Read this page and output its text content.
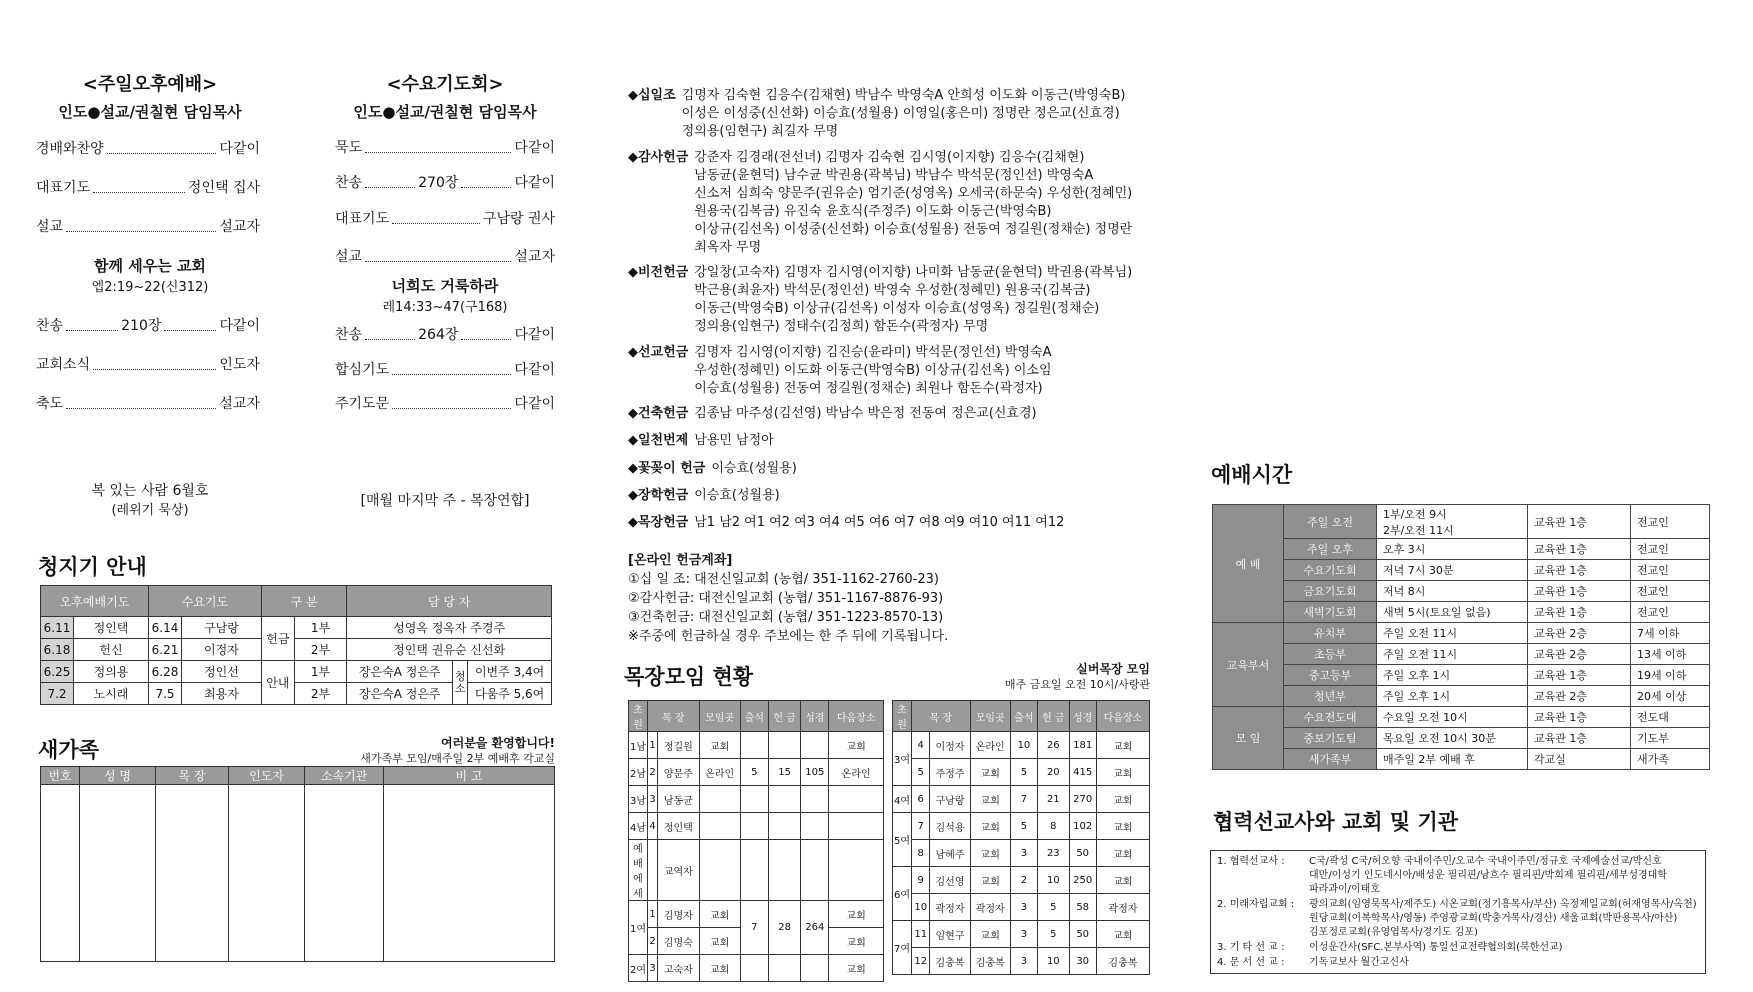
<주일오후예배>
인도●설교/권칠현 담임목사
경배와찬양	다같이
대표기도	정인택 집사
설교	설교자
함께 세우는 교회
엡2:19~22(신312)
찬송	210장	다같이
교회소식	인도자
축도	설교자
복 있는 사람 6월호
(레위기 묵상)
<수요기도회>
인도●설교/권칠현 담임목사
묵도	다같이
찬송	270장	다같이
대표기도	구남랑 권사
설교	설교자
너희도 거룩하라
레14:33~47(구168)
찬송	264장	다같이
합심기도	다같이
주기도문	다같이
[매월 마지막 주 - 목장연합]
청지기 안내
오후예배기도		수요기도		구 분		담 당 자		
6.11	정인택	6.14	구남랑	헌금	1부	성영옥 정옥자 주경주		
6.18	헌신	6.21	이정자		2부	정인택 권유순 신선화		
6.25	정의용	6.28	정인선	안내	1부	장은숙A 정은주	청소	이변주 3,4여
7.2	노시래	7.5	최용자		2부	장은숙A 정은주		다움주 5,6여
새가족	여러분을 환영합니다!
새가족부 모임/매주일 2부 예배후 각교실
번호	성 명	목 장	인도자	소속기관	비 고

◆십일조 김명자 김숙현 김응수(김채현) 박남수 박영숙A 안희성 이도화 이동근(박영숙B)
이성은 이성중(신선화) 이승효(성월용) 이영일(홍은미) 정명란 정은교(신효경)
정의용(임현구) 최길자 무명
◆감사헌금 강준자 김경래(전선녀) 김명자 김숙현 김시영(이지향) 김응수(김채현)
남동균(윤현덕) 남수균 박권용(곽복님) 박남수 박석문(정인선) 박영숙A
신소저 심희숙 양문주(권유순) 엄기준(성영옥) 오세국(하문숙) 우성한(정혜민)
원용국(김복금) 유진숙 윤호식(주정주) 이도화 이동근(박영숙B)
이상규(김선옥) 이성중(신선화) 이승효(성월용) 전동여 정길원(정채순) 정명란
최옥자 무명
◆비전헌금 강일창(고숙자) 김명자 김시영(이지향) 나미화 남동균(윤현덕) 박권용(곽복님)
박근용(최윤자) 박석문(정인선) 박영숙 우성한(정혜민) 원용국(김복금)
이동근(박영숙B) 이상규(김선옥) 이성자 이승효(성영옥) 정길원(정채순)
정의용(임현구) 정태수(김정희) 함돈수(곽정자) 무명
◆선교헌금 김명자 김시영(이지향) 김진승(윤라미) 박석문(정인선) 박영숙A
우성한(정혜민) 이도화 이동근(박영숙B) 이상규(김선옥) 이소임
이승효(성월용) 전동여 정길원(정채순) 최원나 함돈수(곽정자)
◆건축헌금 김종남 마주성(김선영) 박남수 박은정 전동여 정은교(신효경)
◆일천번제 남용민 남정아
◆꽃꽂이 헌금 이승효(성월용)
◆장학헌금 이승효(성월용)
◆목장헌금 남1 남2 여1 여2 여3 여4 여5 여6 여7 여8 여9 여10 여11 여12
[온라인 헌금계좌]
①십 일 조: 대전신일교회 (농협/ 351-1162-2760-23)
②감사헌금: 대전신일교회 (농협/ 351-1167-8876-93)
③건축헌금: 대전신일교회 (농협/ 351-1223-8570-13)
※주중에 헌금하실 경우 주보에는 한 주 뒤에 기록됩니다.
목장모임 현황	실버목장 모임
매주 금요일 오전 10시/사랑관
초원	목 장		모임곳	출석	헌 금	성경	다음장소
1남	1	정길원	교회				교회
2남	2	양문주	온라인	5	15	105	온라인
3남	3	남동균					
4남	4	정인택					
예배에세		교역자					
1여	1	김명자	교회	7	28	264	교회
	2	김명숙	교회				교회
2여	3	고숙자	교회				교회
초원	목 장		모임곳	출석	헌 금	성경	다음장소
3여	4	이정자	온라인	10	26	181	교회
	5	주정주	교회	5	20	415	교회
4여	6	구남랑	교회	7	21	270	교회
5여	7	김석용	교회	5	8	102	교회
	8	남혜주	교회	3	23	50	교회
6여	9	김선영	교회	2	10	250	교회
	10	곽정자	곽정자	3	5	58	곽정자
7여	11	임현구	교회	3	5	50	교회
	12	김충복	김충복	3	10	30	김충복
예배시간
예 배	주일 오전	1부/오전 9시
2부/오전 11시	교육관 1층	전교인
	주일 오후	오후 3시	교육관 1층	전교인
	수요기도회	저녁 7시 30분	교육관 1층	전교인
	금요기도회	저녁 8시	교육관 1층	전교인
	새벽기도회	새벽 5시(토요일 없음)	교육관 1층	전교인
교육부서	유치부	주일 오전 11시	교육관 2층	7세 이하
	초등부	주일 오전 11시	교육관 2층	13세 이하
	중고등부	주일 오후 1시	교육관 1층	19세 이하
	청년부	주일 오후 1시	교육관 2층	20세 이상
모 임	수요전도대	수요일 오전 10시	교육관 1층	전도대
	중보기도팀	목요일 오전 10시 30분	교육관 1층	기도부
	새가족부	매주일 2부 예배 후	각교실	새가족
협력선교사와 교회 및 기관
1. 협력선교사 :	C국/곽성 C국/허오향 국내이주민/오교수 국내이주민/정규호 국제예술선교/박신호
대만/이성기 인도네시아/배성운 필리핀/남흐수 필리핀/박희제 필리핀/세부성경대학
파라과이/이태호
2. 미래자립교회 :	광의교회(임영묵목사/제주도) 시온교회(정기흥목사/부산) 옥정제일교회(허재영목사/옥천)
원당교회(이복학목사/영동) 주영광교회(박충거목사/경산) 새울교회(박판용목사/아산)
김포정로교회(유영엽목사/경기도 김포)
3. 기 타 선 교 :	이성운간사(SFC.본부사역) 통일선교전략협의회(북한선교)
4. 문 서 선 교 :	기독교보사 월간고신사
